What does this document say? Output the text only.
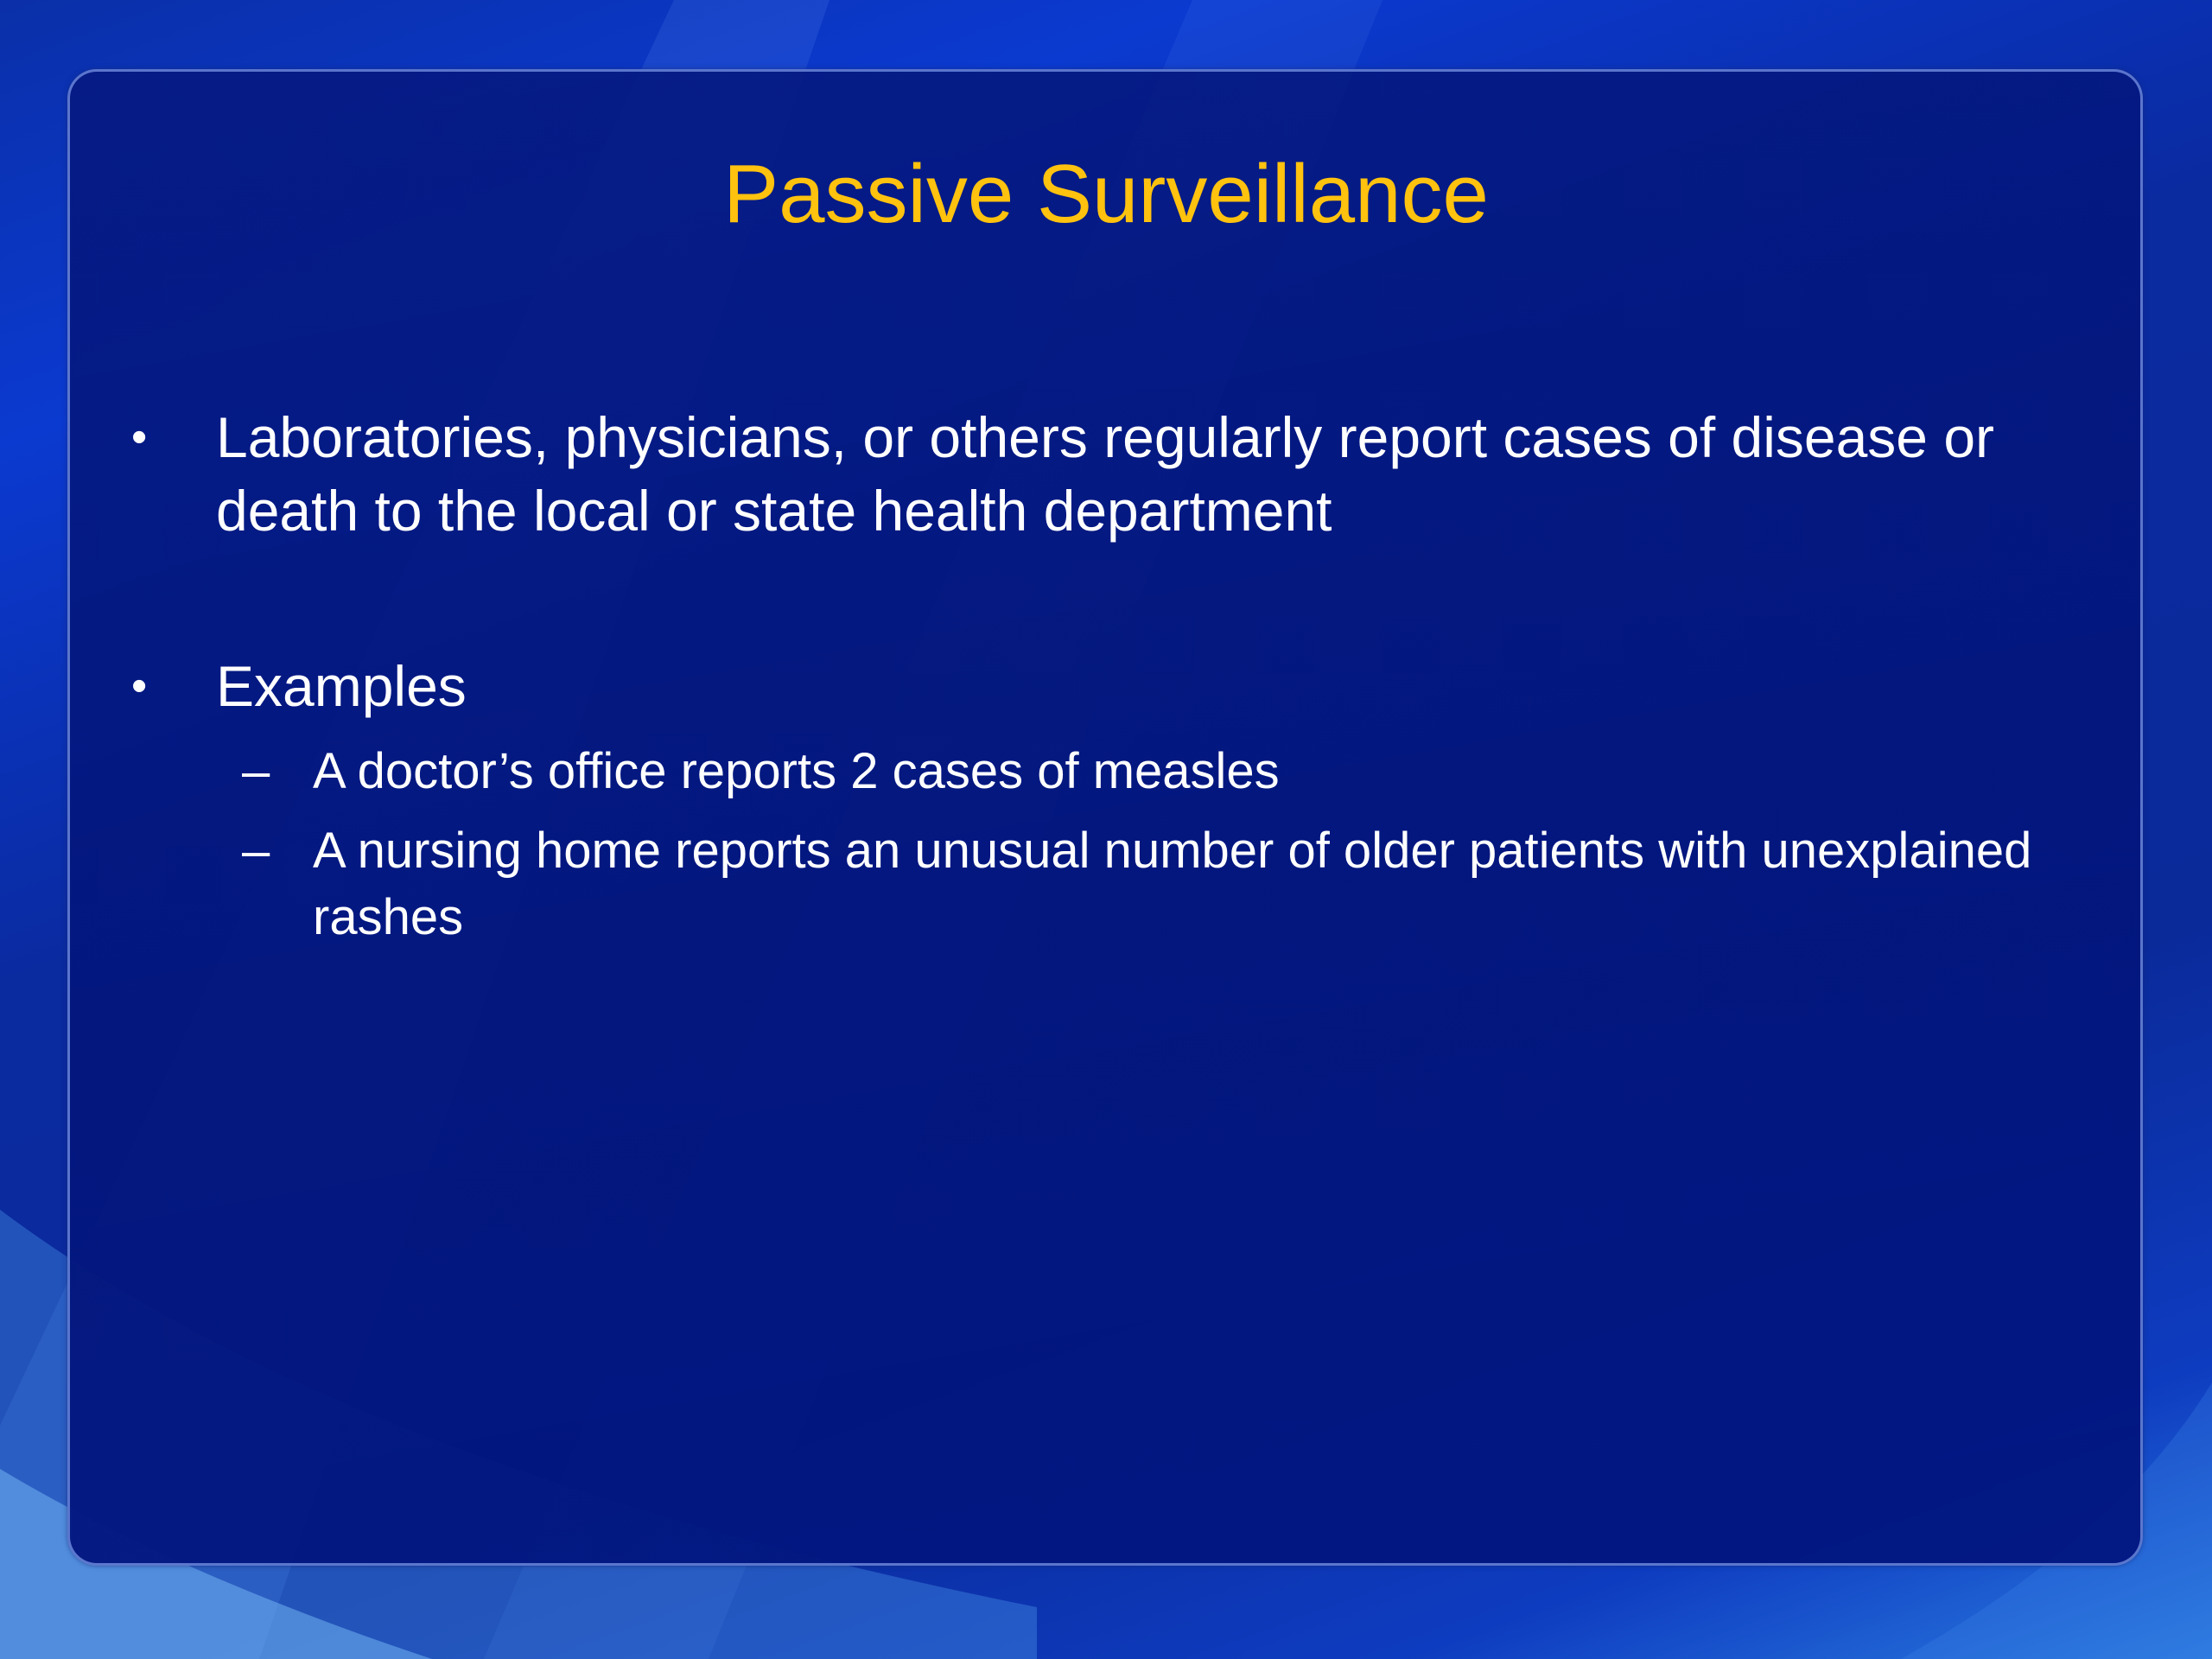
Passive Surveillance
• Laboratories, physicians, or others regularly report cases of disease or death to the local or state health department
• Examples
– A doctor’s office reports 2 cases of measles
– A nursing home reports an unusual number of older patients with unexplained rashes
